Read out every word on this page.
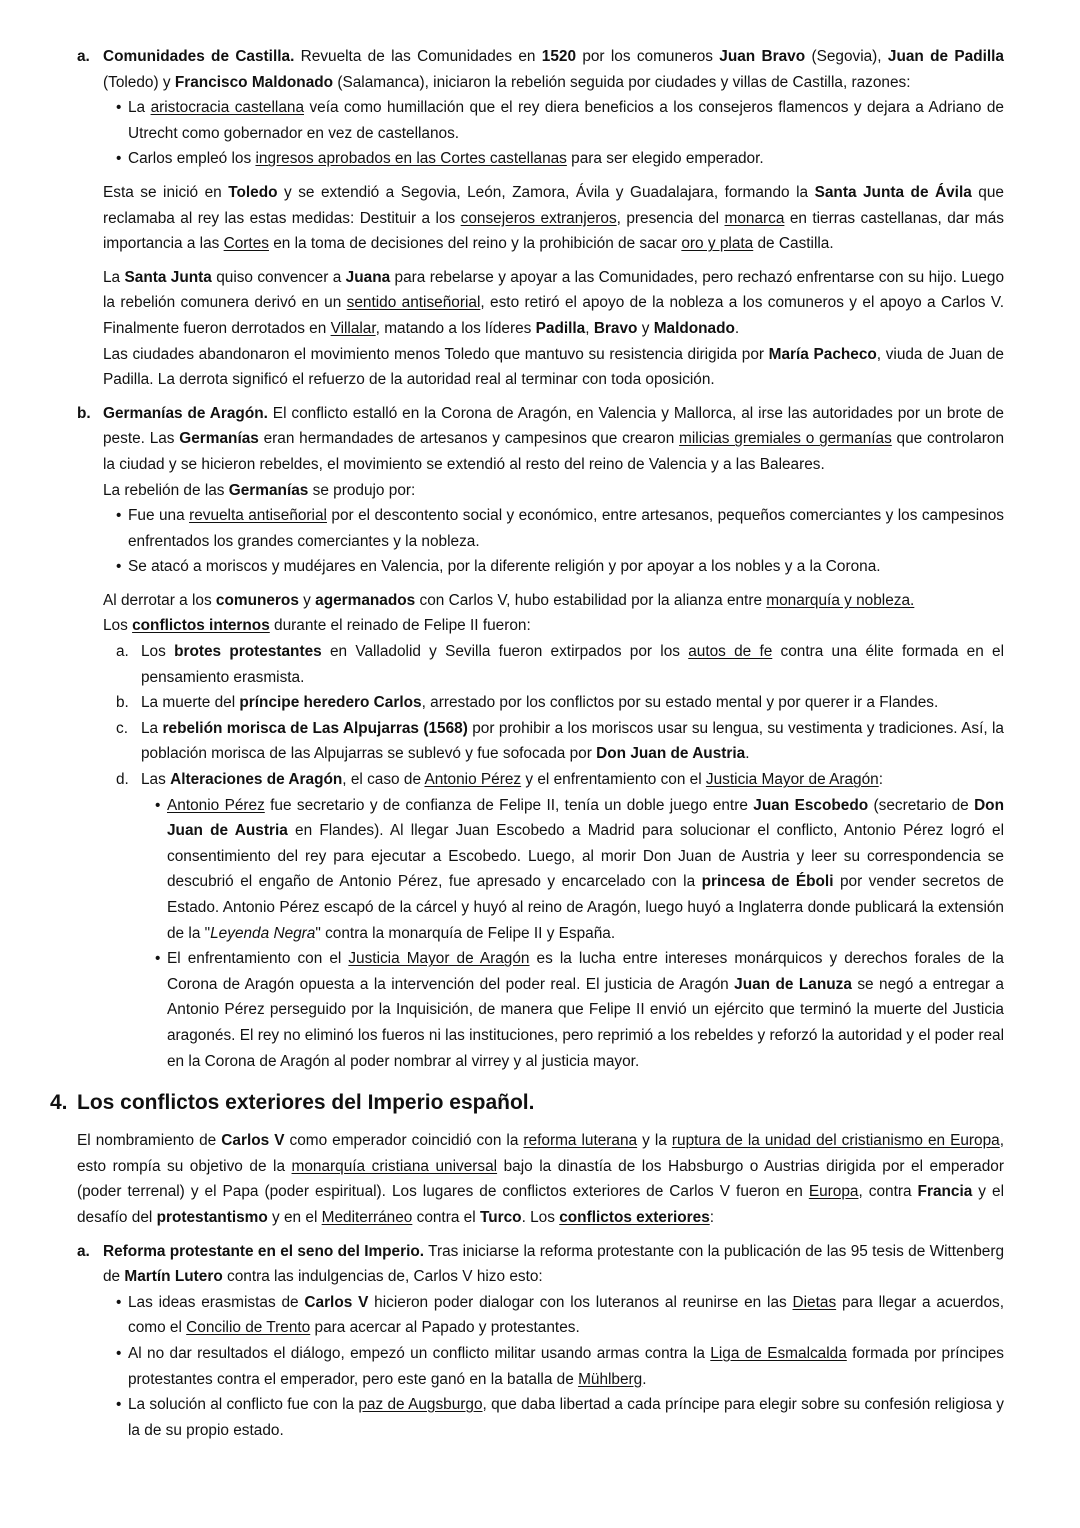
a. Comunidades de Castilla. Revuelta de las Comunidades en 1520 por los comuneros Juan Bravo (Segovia), Juan de Padilla (Toledo) y Francisco Maldonado (Salamanca), iniciaron la rebelión seguida por ciudades y villas de Castilla, razones:

• La aristocracia castellana veía como humillación que el rey diera beneficios a los consejeros flamencos y dejara a Adriano de Utrecht como gobernador en vez de castellanos.

• Carlos empleó los ingresos aprobados en las Cortes castellanas para ser elegido emperador.

Esta se inició en Toledo y se extendió a Segovia, León, Zamora, Ávila y Guadalajara, formando la Santa Junta de Ávila que reclamaba al rey las estas medidas: Destituir a los consejeros extranjeros, presencia del monarca en tierras castellanas, dar más importancia a las Cortes en la toma de decisiones del reino y la prohibición de sacar oro y plata de Castilla.

La Santa Junta quiso convencer a Juana para rebelarse y apoyar a las Comunidades, pero rechazó enfrentarse con su hijo. Luego la rebelión comunera derivó en un sentido antiseñorial, esto retiró el apoyo de la nobleza a los comuneros y el apoyo a Carlos V. Finalmente fueron derrotados en Villalar, matando a los líderes Padilla, Bravo y Maldonado.

Las ciudades abandonaron el movimiento menos Toledo que mantuvo su resistencia dirigida por María Pacheco, viuda de Juan de Padilla. La derrota significó el refuerzo de la autoridad real al terminar con toda oposición.

b. Germanías de Aragón. El conflicto estalló en la Corona de Aragón, en Valencia y Mallorca, al irse las autoridades por un brote de peste. Las Germanías eran hermandades de artesanos y campesinos que crearon milicias gremiales o germanías que controlaron la ciudad y se hicieron rebeldes, el movimiento se extendió al resto del reino de Valencia y a las Baleares.

La rebelión de las Germanías se produjo por:

• Fue una revuelta antiseñorial por el descontento social y económico, entre artesanos, pequeños comerciantes y los campesinos enfrentados los grandes comerciantes y la nobleza.

• Se atacó a moriscos y mudéjares en Valencia, por la diferente religión y por apoyar a los nobles y a la Corona.

Al derrotar a los comuneros y agermanados con Carlos V, hubo estabilidad por la alianza entre monarquía y nobleza.

Los conflictos internos durante el reinado de Felipe II fueron:

a. Los brotes protestantes en Valladolid y Sevilla fueron extirpados por los autos de fe contra una élite formada en el pensamiento erasmista.

b. La muerte del príncipe heredero Carlos, arrestado por los conflictos por su estado mental y por querer ir a Flandes.

c. La rebelión morisca de Las Alpujarras (1568) por prohibir a los moriscos usar su lengua, su vestimenta y tradiciones. Así, la población morisca de las Alpujarras se sublevó y fue sofocada por Don Juan de Austria.

d. Las Alteraciones de Aragón, el caso de Antonio Pérez y el enfrentamiento con el Justicia Mayor de Aragón:

• Antonio Pérez fue secretario y de confianza de Felipe II, tenía un doble juego entre Juan Escobedo (secretario de Don Juan de Austria en Flandes). Al llegar Juan Escobedo a Madrid para solucionar el conflicto, Antonio Pérez logró el consentimiento del rey para ejecutar a Escobedo. Luego, al morir Don Juan de Austria y leer su correspondencia se descubrió el engaño de Antonio Pérez, fue apresado y encarcelado con la princesa de Éboli por vender secretos de Estado. Antonio Pérez escapó de la cárcel y huyó al reino de Aragón, luego huyó a Inglaterra donde publicará la extensión de la "Leyenda Negra" contra la monarquía de Felipe II y España.

• El enfrentamiento con el Justicia Mayor de Aragón es la lucha entre intereses monárquicos y derechos forales de la Corona de Aragón opuesta a la intervención del poder real. El justicia de Aragón Juan de Lanuza se negó a entregar a Antonio Pérez perseguido por la Inquisición, de manera que Felipe II envió un ejército que terminó la muerte del Justicia aragonés. El rey no eliminó los fueros ni las instituciones, pero reprimió a los rebeldes y reforzó la autoridad y el poder real en la Corona de Aragón al poder nombrar al virrey y al justicia mayor.

4. Los conflictos exteriores del Imperio español.

El nombramiento de Carlos V como emperador coincidió con la reforma luterana y la ruptura de la unidad del cristianismo en Europa, esto rompía su objetivo de la monarquía cristiana universal bajo la dinastía de los Habsburgo o Austrias dirigida por el emperador (poder terrenal) y el Papa (poder espiritual). Los lugares de conflictos exteriores de Carlos V fueron en Europa, contra Francia y el desafío del protestantismo y en el Mediterráneo contra el Turco. Los conflictos exteriores:

a. Reforma protestante en el seno del Imperio. Tras iniciarse la reforma protestante con la publicación de las 95 tesis de Wittenberg de Martín Lutero contra las indulgencias de, Carlos V hizo esto:

• Las ideas erasmistas de Carlos V hicieron poder dialogar con los luteranos al reunirse en las Dietas para llegar a acuerdos, como el Concilio de Trento para acercar al Papado y protestantes.

• Al no dar resultados el diálogo, empezó un conflicto militar usando armas contra la Liga de Esmalcalda formada por príncipes protestantes contra el emperador, pero este ganó en la batalla de Mühlberg.

• La solución al conflicto fue con la paz de Augsburgo, que daba libertad a cada príncipe para elegir sobre su confesión religiosa y la de su propio estado.
